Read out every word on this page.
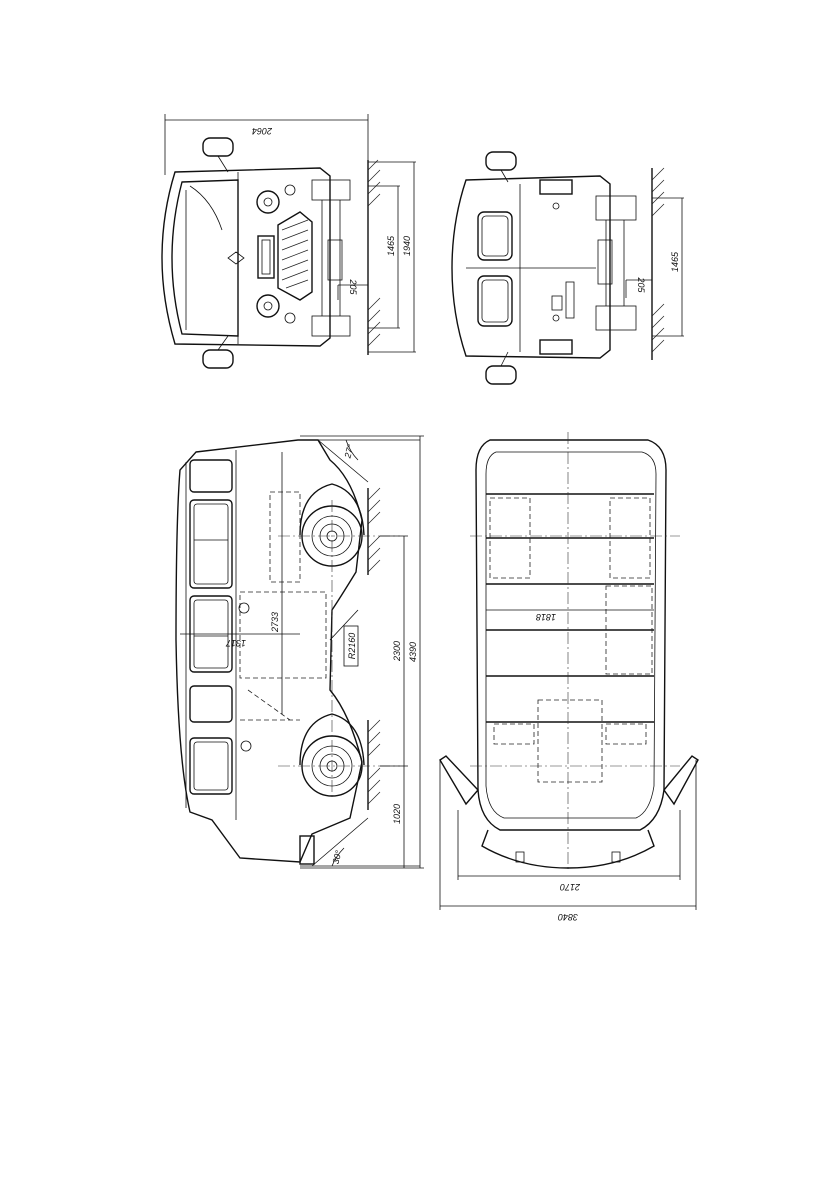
2064
205
1465 1940
205
1465
27°
30°
2733
1317	R2160	2300 4390
1020
1818
2170
3840
